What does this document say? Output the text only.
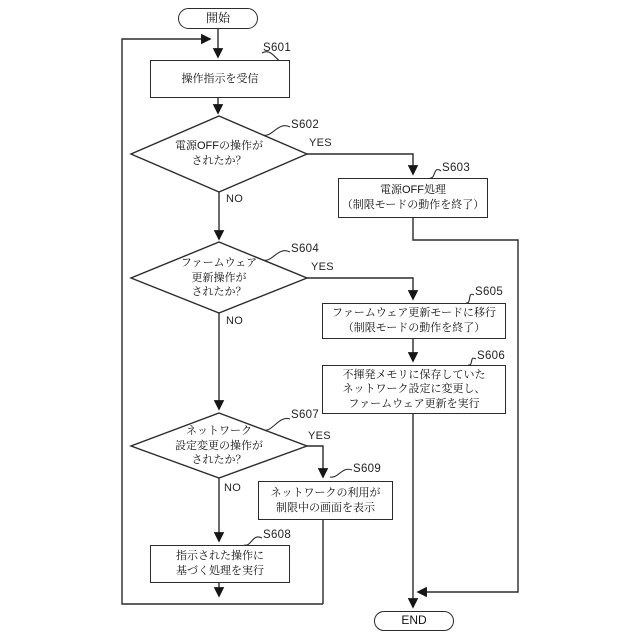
開始
END
操作指示を受信
電源OFF処理
（制限モードの動作を終了）
ファームウェア更新モードに移行
（制限モードの動作を終了）
不揮発メモリに保存していた
ネットワーク設定に変更し、
ファームウェア更新を実行
ネットワークの利用が
制限中の画面を表示
指示された操作に
基づく処理を実行
電源OFFの操作が
されたか？
ファームウェア
更新操作が
されたか？
ネットワーク
設定変更の操作が
されたか？
S601
S602
S603
S604
S605
S606
S607
S608
S609
YES
NO
YES
NO
YES
NO
